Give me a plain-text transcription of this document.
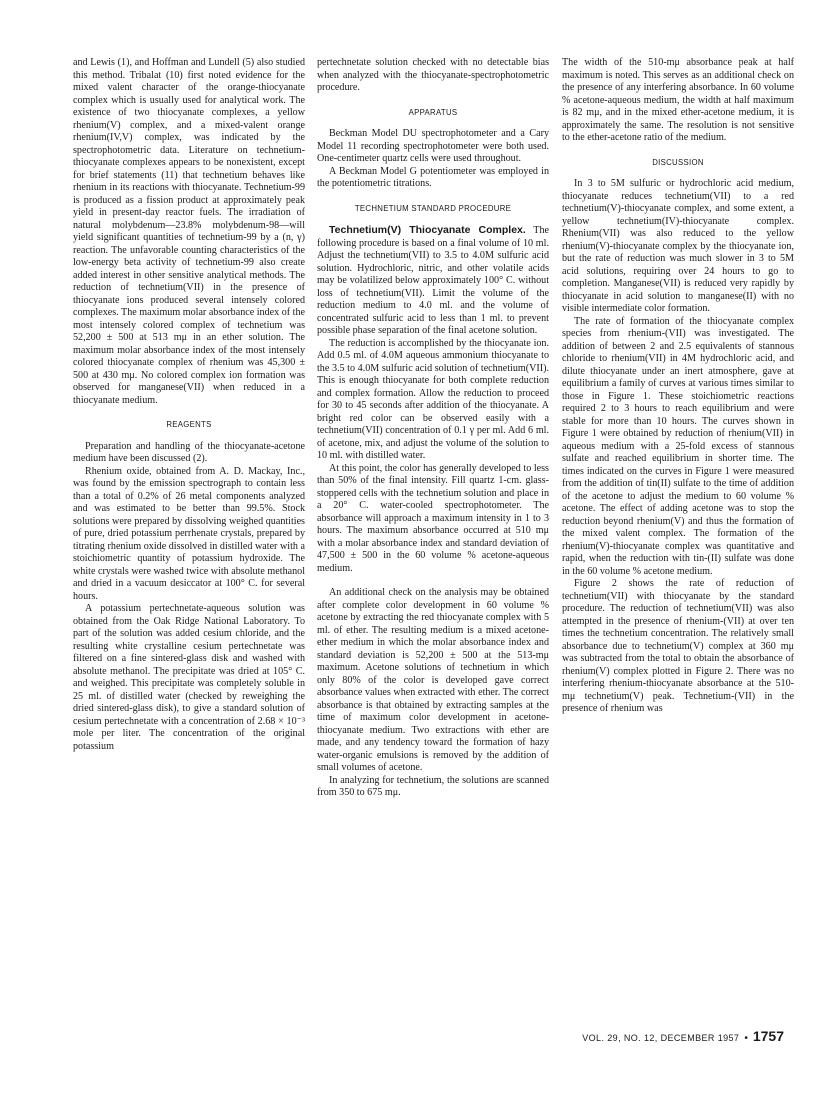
and Lewis (1), and Hoffman and Lundell (5) also studied this method. Tribalat (10) first noted evidence for the mixed valent character of the orange-thiocyanate complex which is usually used for analytical work. The existence of two thiocyanate complexes, a yellow rhenium(V) complex, and a mixed-valent orange rhenium(IV,V) complex, was indicated by the spectrophotometric data. Literature on technetium-thiocyanate complexes appears to be nonexistent, except for brief statements (11) that technetium behaves like rhenium in its reactions with thiocyanate. Technetium-99 is produced as a fission product at approximately peak yield in present-day reactor fuels. The irradiation of natural molybdenum—23.8% molybdenum-98—will yield significant quantities of technetium-99 by a (n, γ) reaction. The unfavorable counting characteristics of the low-energy beta activity of technetium-99 also create added interest in other sensitive analytical methods. The reduction of technetium(VII) in the presence of thiocyanate ions produced several intensely colored complexes. The maximum molar absorbance index of the most intensely colored complex of technetium was 52,200 ± 500 at 513 mμ in an ether solution. The maximum molar absorbance index of the most intensely colored thiocyanate complex of rhenium was 45,300 ± 500 at 430 mμ. No colored complex ion formation was observed for manganese(VII) when reduced in a thiocyanate medium.

REAGENTS

Preparation and handling of the thiocyanate-acetone medium have been discussed (2).

Rhenium oxide, obtained from A. D. Mackay, Inc., was found by the emission spectrograph to contain less than a total of 0.2% of 26 metal components analyzed and was estimated to be better than 99.5%. Stock solutions were prepared by dissolving weighed quantities of pure, dried potassium perrhenate crystals, prepared by titrating rhenium oxide dissolved in distilled water with a stoichiometric quantity of potassium hydroxide. The white crystals were washed twice with absolute methanol and dried in a vacuum desiccator at 100° C. for several hours.

A potassium pertechnetate-aqueous solution was obtained from the Oak Ridge National Laboratory. To part of the solution was added cesium chloride, and the resulting white crystalline cesium pertechnetate was filtered on a fine sintered-glass disk and washed with absolute methanol. The precipitate was dried at 105° C. and weighed. This precipitate was completely soluble in 25 ml. of distilled water (checked by reweighing the dried sintered-glass disk), to give a standard solution of cesium pertechnetate with a concentration of 2.68 × 10⁻³ mole per liter. The concentration of the original potassium

pertechnetate solution checked with no detectable bias when analyzed with the thiocyanate-spectrophotometric procedure.

APPARATUS

Beckman Model DU spectrophotometer and a Cary Model 11 recording spectrophotometer were both used. One-centimeter quartz cells were used throughout.

A Beckman Model G potentiometer was employed in the potentiometric titrations.

TECHNETIUM STANDARD PROCEDURE

Technetium(V) Thiocyanate Complex. The following procedure is based on a final volume of 10 ml. Adjust the technetium(VII) to 3.5 to 4.0M sulfuric acid solution. Hydrochloric, nitric, and other volatile acids may be volatilized below approximately 100° C. without loss of technetium(VII). Limit the volume of the reduction medium to 4.0 ml. and the volume of concentrated sulfuric acid to less than 1 ml. to prevent possible phase separation of the final acetone solution.

The reduction is accomplished by the thiocyanate ion. Add 0.5 ml. of 4.0M aqueous ammonium thiocyanate to the 3.5 to 4.0M sulfuric acid solution of technetium(VII). This is enough thiocyanate for both complete reduction and complex formation. Allow the reduction to proceed for 30 to 45 seconds after addition of the thiocyanate. A bright red color can be observed easily with a technetium(VII) concentration of 0.1 γ per ml. Add 6 ml. of acetone, mix, and adjust the volume of the solution to 10 ml. with distilled water.

At this point, the color has generally developed to less than 50% of the final intensity. Fill quartz 1-cm. glass-stoppered cells with the technetium solution and place in a 20° C. water-cooled spectrophotometer. The absorbance will approach a maximum intensity in 1 to 3 hours. The maximum absorbance occurred at 510 mμ with a molar absorbance index and standard deviation of 47,500 ± 500 in the 60 volume % acetone-aqueous medium.

An additional check on the analysis may be obtained after complete color development in 60 volume % acetone by extracting the red thiocyanate complex with 5 ml. of ether. The resulting medium is a mixed acetone-ether medium in which the molar absorbance index and standard deviation is 52,200 ± 500 at the 513-mμ maximum. Acetone solutions of technetium in which only 80% of the color is developed gave correct absorbance values when extracted with ether. The correct absorbance is that obtained by extracting samples at the time of maximum color development in acetone-thiocyanate medium. Two extractions with ether are made, and any tendency toward the formation of hazy water-organic emulsions is removed by the addition of small volumes of acetone.

In analyzing for technetium, the solutions are scanned from 350 to 675 mμ.

The width of the 510-mμ absorbance peak at half maximum is noted. This serves as an additional check on the presence of any interfering absorbance. In 60 volume % acetone-aqueous medium, the width at half maximum is 82 mμ, and in the mixed ether-acetone medium, it is approximately the same. The resolution is not sensitive to the ether-acetone ratio of the medium.

DISCUSSION

In 3 to 5M sulfuric or hydrochloric acid medium, thiocyanate reduces technetium(VII) to a red technetium(V)-thiocyanate complex, and some extent, a yellow technetium(IV)-thiocyanate complex. Rhenium(VII) was also reduced to the yellow rhenium(V)-thiocyanate complex by the thiocyanate ion, but the rate of reduction was much slower in 3 to 5M acid solutions, requiring over 24 hours to go to completion. Manganese(VII) is reduced very rapidly by thiocyanate in acid solution to manganese(II) with no visible intermediate color formation.

The rate of formation of the thiocyanate complex species from rhenium-(VII) was investigated. The addition of between 2 and 2.5 equivalents of stannous chloride to rhenium(VII) in 4M hydrochloric acid, and dilute thiocyanate under an inert atmosphere, gave at equilibrium a family of curves at various times similar to those in Figure 1. These stoichiometric reactions required 2 to 3 hours to reach equilibrium and were stable for more than 10 hours. The curves shown in Figure 1 were obtained by reduction of rhenium(VII) in aqueous medium with a 25-fold excess of stannous sulfate and reached equilibrium in shorter time. The times indicated on the curves in Figure 1 were measured from the addition of tin(II) sulfate to the time of addition of the acetone to adjust the medium to 60 volume % acetone. The effect of adding acetone was to stop the reduction beyond rhenium(V) and thus the formation of the mixed valent complex. The formation of the rhenium(V)-thiocyanate complex was quantitative and rapid, when the reduction with tin-(II) sulfate was done in the 60 volume % acetone medium.

Figure 2 shows the rate of reduction of technetium(VII) with thiocyanate by the standard procedure. The reduction of technetium(VII) was also attempted in the presence of rhenium-(VII) at over ten times the technetium concentration. The relatively small absorbance due to technetium(V) complex at 360 mμ was subtracted from the total to obtain the absorbance of rhenium(V) complex plotted in Figure 2. There was no interfering rhenium-thiocyanate absorbance at the 510-mμ technetium(V) peak. Technetium-(VII) in the presence of rhenium was

VOL. 29, NO. 12, DECEMBER 1957 • 1757
